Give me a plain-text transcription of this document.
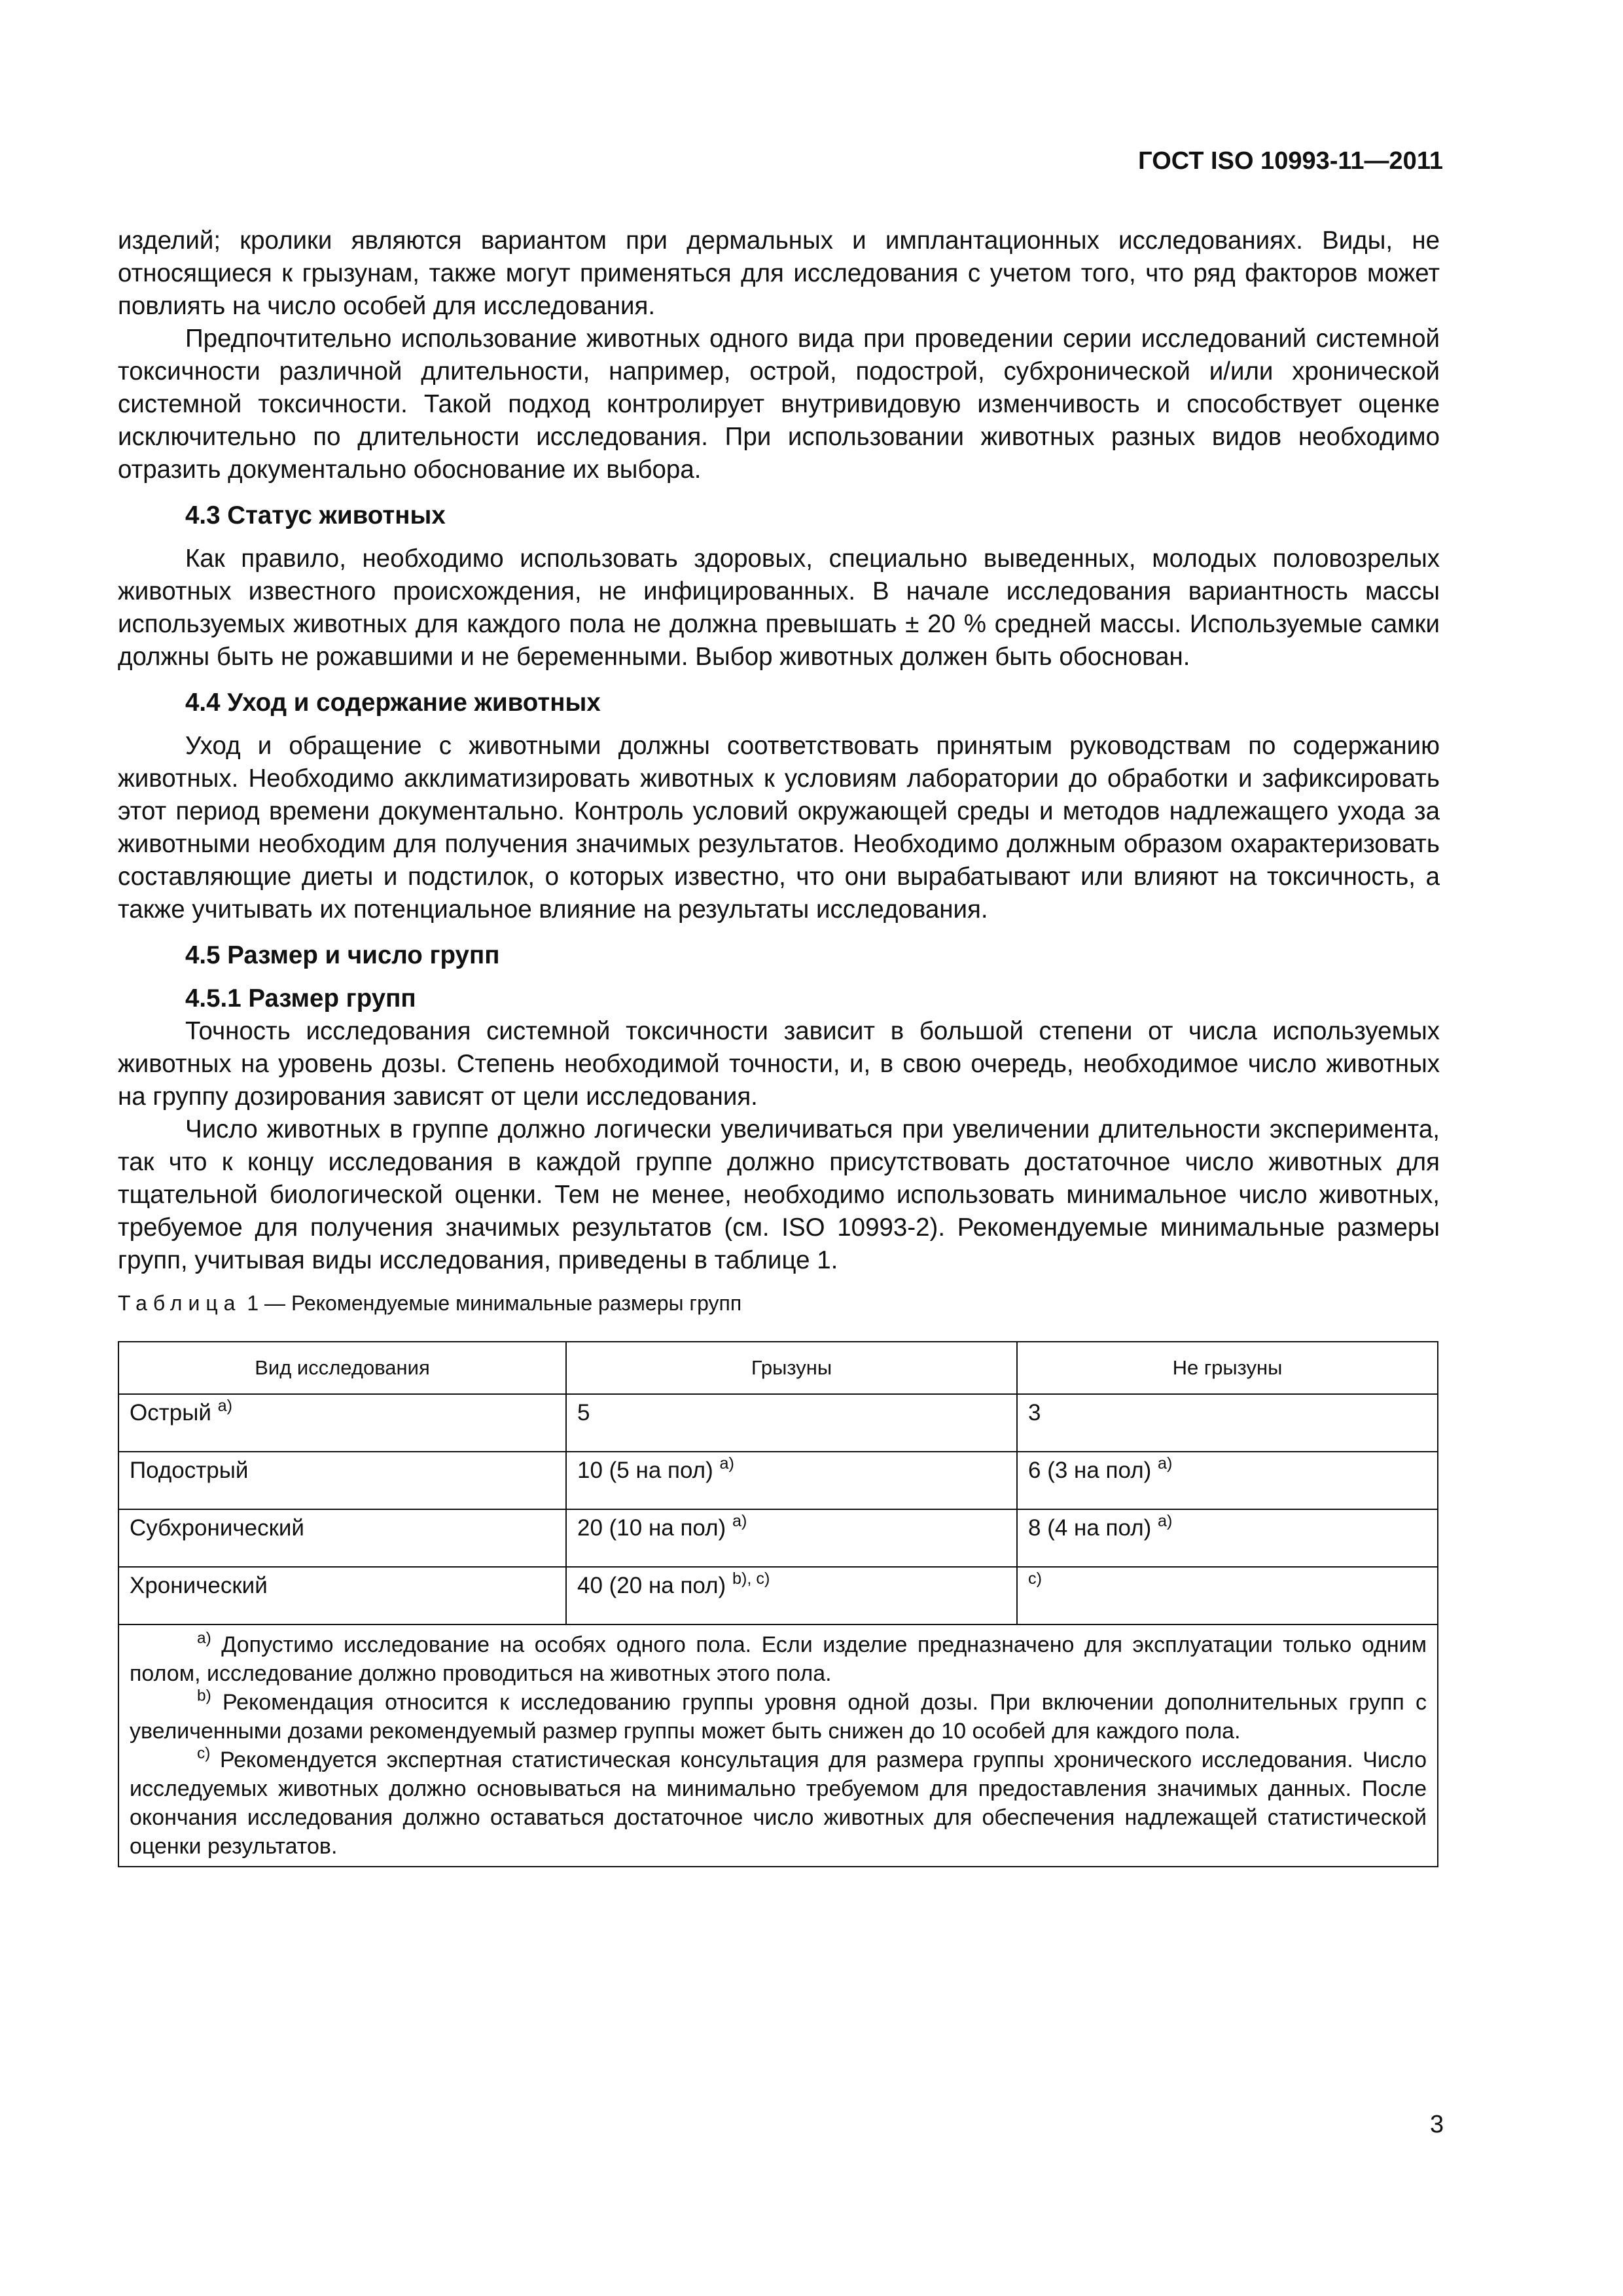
ГОСТ ISO 10993-11—2011

изделий; кролики являются вариантом при дермальных и имплантационных исследованиях. Виды, не относящиеся к грызунам, также могут применяться для исследования с учетом того, что ряд факторов может повлиять на число особей для исследования.

Предпочтительно использование животных одного вида при проведении серии исследований системной токсичности различной длительности, например, острой, подострой, субхронической и/или хронической системной токсичности. Такой подход контролирует внутривидовую изменчивость и способствует оценке исключительно по длительности исследования. При использовании животных разных видов необходимо отразить документально обоснование их выбора.

4.3 Статус животных

Как правило, необходимо использовать здоровых, специально выведенных, молодых половозрелых животных известного происхождения, не инфицированных. В начале исследования вариантность массы используемых животных для каждого пола не должна превышать ± 20 % средней массы. Используемые самки должны быть не рожавшими и не беременными. Выбор животных должен быть обоснован.

4.4 Уход и содержание животных

Уход и обращение с животными должны соответствовать принятым руководствам по содержанию животных. Необходимо акклиматизировать животных к условиям лаборатории до обработки и зафиксировать этот период времени документально. Контроль условий окружающей среды и методов надлежащего ухода за животными необходим для получения значимых результатов. Необходимо должным образом охарактеризовать составляющие диеты и подстилок, о которых известно, что они вырабатывают или влияют на токсичность, а также учитывать их потенциальное влияние на результаты исследования.

4.5 Размер и число групп
4.5.1 Размер групп

Точность исследования системной токсичности зависит в большой степени от числа используемых животных на уровень дозы. Степень необходимой точности, и, в свою очередь, необходимое число животных на группу дозирования зависят от цели исследования.

Число животных в группе должно логически увеличиваться при увеличении длительности эксперимента, так что к концу исследования в каждой группе должно присутствовать достаточное число животных для тщательной биологической оценки. Тем не менее, необходимо использовать минимальное число животных, требуемое для получения значимых результатов (см. ISO 10993-2). Рекомендуемые минимальные размеры групп, учитывая виды исследования, приведены в таблице 1.

Таблица 1 — Рекомендуемые минимальные размеры групп

Вид исследования	Грызуны	Не грызуны
Острый $^{а)}$	5	3
Подострый	10 (5 на пол) $^{а)}$	6 (3 на пол) $^{а)}$
Субхронический	20 (10 на пол) $^{а)}$	8 (4 на пол) $^{а)}$
Хронический	40 (20 на пол) $^{b), c)}$	$^{c)}$

$^{а)}$ Допустимо исследование на особях одного пола. Если изделие предназначено для эксплуатации только одним полом, исследование должно проводиться на животных этого пола.

$^{b)}$ Рекомендация относится к исследованию группы уровня одной дозы. При включении дополнительных групп с увеличенными дозами рекомендуемый размер группы может быть снижен до 10 особей для каждого пола.

$^{c)}$ Рекомендуется экспертная статистическая консультация для размера группы хронического исследования. Число исследуемых животных должно основываться на минимально требуемом для предоставления значимых данных. После окончания исследования должно оставаться достаточное число животных для обеспечения надлежащей статистической оценки результатов.		

3
